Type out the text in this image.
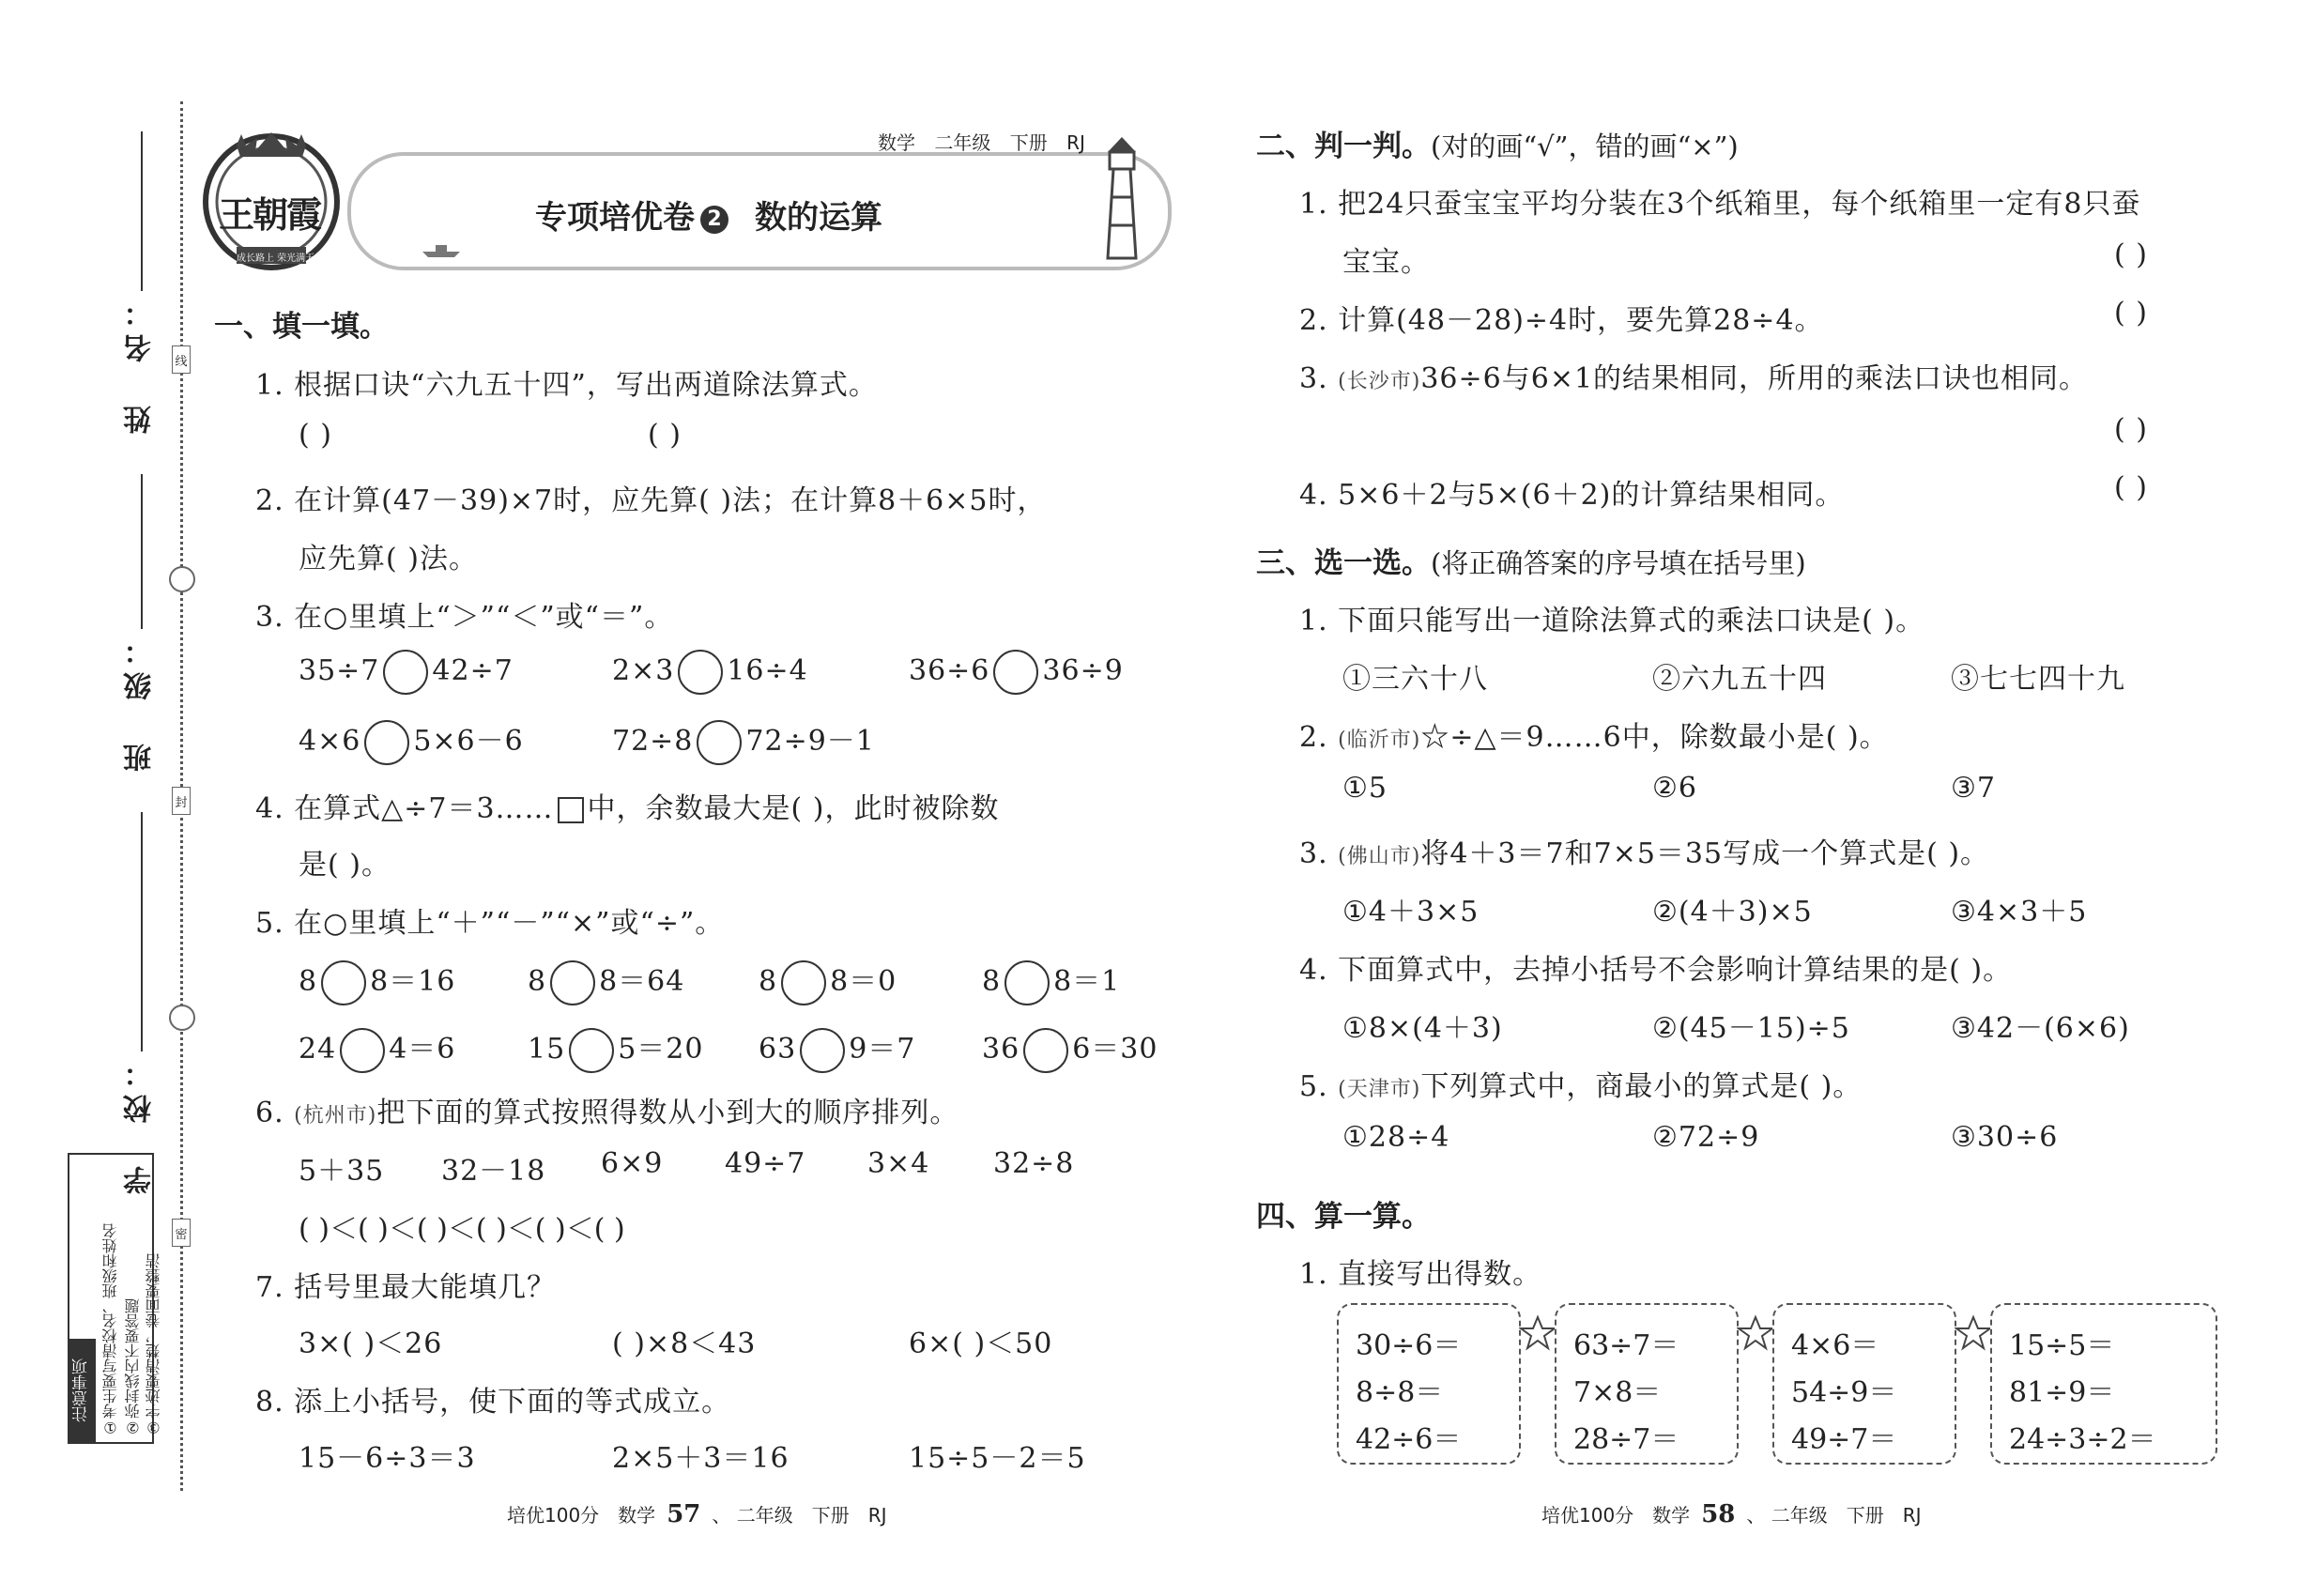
线
封
密
姓　名：
班　级：
学　校：
注意事项 ①考生要写清校名、班级和姓名 ②弥封线内不要答题 ③字迹要清楚，卷面要整洁
王朝霞
成长路上 荣光满天
数学 二年级 下册 RJ
专项培优卷 2 数的运算
一、填一填。
1. 根据口诀“六九五十四”，写出两道除法算式。
( )	( )
2. 在计算(47－39)×7时，应先算( )法；在计算8＋6×5时，
应先算( )法。
3. 在○里填上“＞”“＜”或“＝”。
35÷7 42÷7	2×3 16÷4	36÷6 36÷9
4×6 5×6－6	72÷8 72÷9－1
4. 在算式△÷7＝3…… 中，余数最大是( )，此时被除数
是( )。
5. 在○里填上“＋”“－”“×”或“÷”。
8 8＝16	8 8＝64	8 8＝0	8 8＝1
24 4＝6	15 5＝20 63 9＝7 36 6＝30
6. (杭州市)把下面的算式按照得数从小到大的顺序排列。
5＋35 32－18 6×9 49÷7 3×4 32÷8
( )＜( )＜( )＜( )＜( )＜( )
7. 括号里最大能填几？
3×( )＜26	( )×8＜43	6×( )＜50
8. 添上小括号，使下面的等式成立。
15－6÷3＝3	2×5＋3＝16	15÷5－2＝5
二、判一判。(对的画“√”，错的画“×”)
1. 把24只蚕宝宝平均分装在3个纸箱里，每个纸箱里一定有8只蚕
宝宝。	( )
2. 计算(48－28)÷4时，要先算28÷4。	( )
3. (长沙市)36÷6与6×1的结果相同，所用的乘法口诀也相同。
( )
4. 5×6＋2与5×(6＋2)的计算结果相同。	( )
三、选一选。(将正确答案的序号填在括号里)
1. 下面只能写出一道除法算式的乘法口诀是( )。
①三六十八	②六九五十四	③七七四十九
2. (临沂市)☆÷△＝9……6中，除数最小是( )。
①5	②6	③7
3. (佛山市)将4＋3＝7和7×5＝35写成一个算式是( )。
①4＋3×5	②(4＋3)×5	③4×3＋5
4. 下面算式中，去掉小括号不会影响计算结果的是( )。
①8×(4＋3)	②(45－15)÷5	③42－(6×6)
5. (天津市)下列算式中，商最小的算式是( )。
①28÷4	②72÷9	③30÷6
四、算一算。
1. 直接写出得数。
30÷6＝
8÷8＝
42÷6＝
63÷7＝
7×8＝
28÷7＝
4×6＝
54÷9＝
49÷7＝
15÷5＝
81÷9＝
24÷3÷2＝
培优100分　数学 57 、 二年级　下册　RJ	培优100分　数学 58 、 二年级　下册　RJ
